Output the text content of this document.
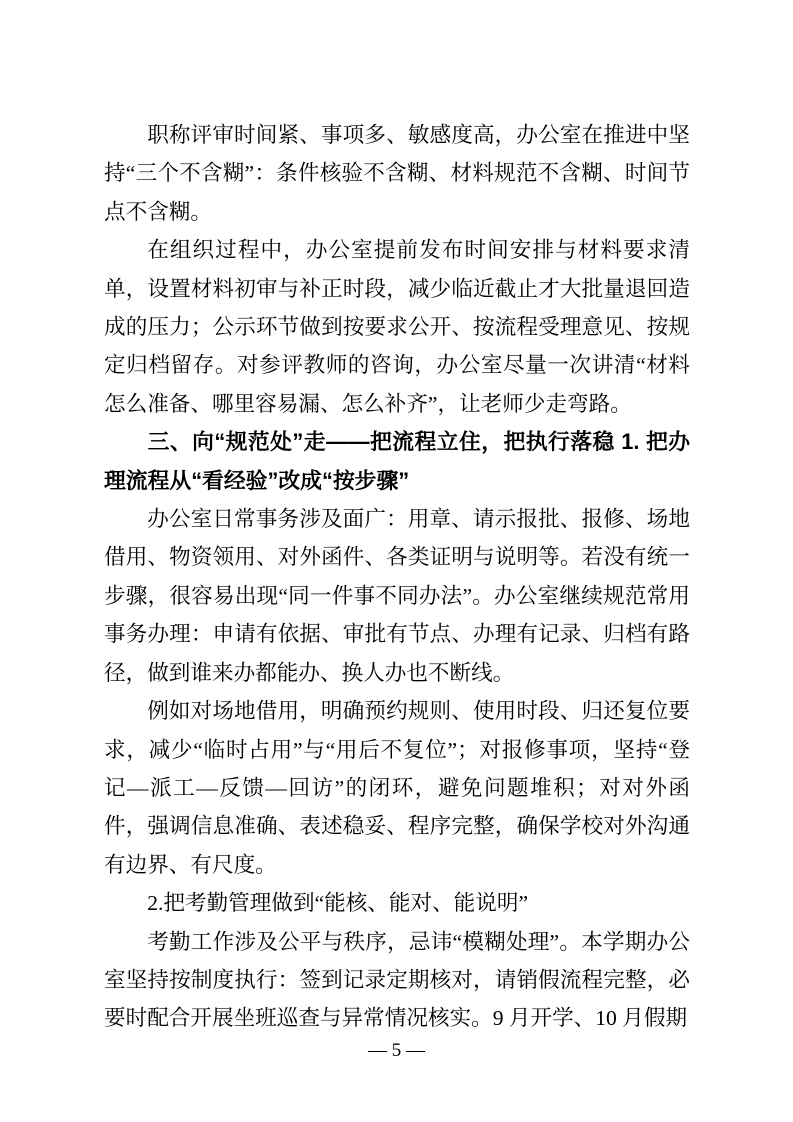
职称评审时间紧、事项多、敏感度高，办公室在推进中坚持“三个不含糊”：条件核验不含糊、材料规范不含糊、时间节点不含糊。

在组织过程中，办公室提前发布时间安排与材料要求清单，设置材料初审与补正时段，减少临近截止才大批量退回造成的压力；公示环节做到按要求公开、按流程受理意见、按规定归档留存。对参评教师的咨询，办公室尽量一次讲清“材料怎么准备、哪里容易漏、怎么补齐”，让老师少走弯路。

三、向“规范处”走——把流程立住，把执行落稳 1. 把办理流程从“看经验”改成“按步骤”

办公室日常事务涉及面广：用章、请示报批、报修、场地借用、物资领用、对外函件、各类证明与说明等。若没有统一步骤，很容易出现“同一件事不同办法”。办公室继续规范常用事务办理：申请有依据、审批有节点、办理有记录、归档有路径，做到谁来办都能办、换人办也不断线。

例如对场地借用，明确预约规则、使用时段、归还复位要求，减少“临时占用”与“用后不复位”；对报修事项，坚持“登记—派工—反馈—回访”的闭环，避免问题堆积；对对外函件，强调信息准确、表述稳妥、程序完整，确保学校对外沟通有边界、有尺度。

2.把考勤管理做到“能核、能对、能说明”

考勤工作涉及公平与秩序，忌讳“模糊处理”。本学期办公室坚持按制度执行：签到记录定期核对，请销假流程完整，必要时配合开展坐班巡查与异常情况核实。9 月开学、10 月假期

— 5 —
